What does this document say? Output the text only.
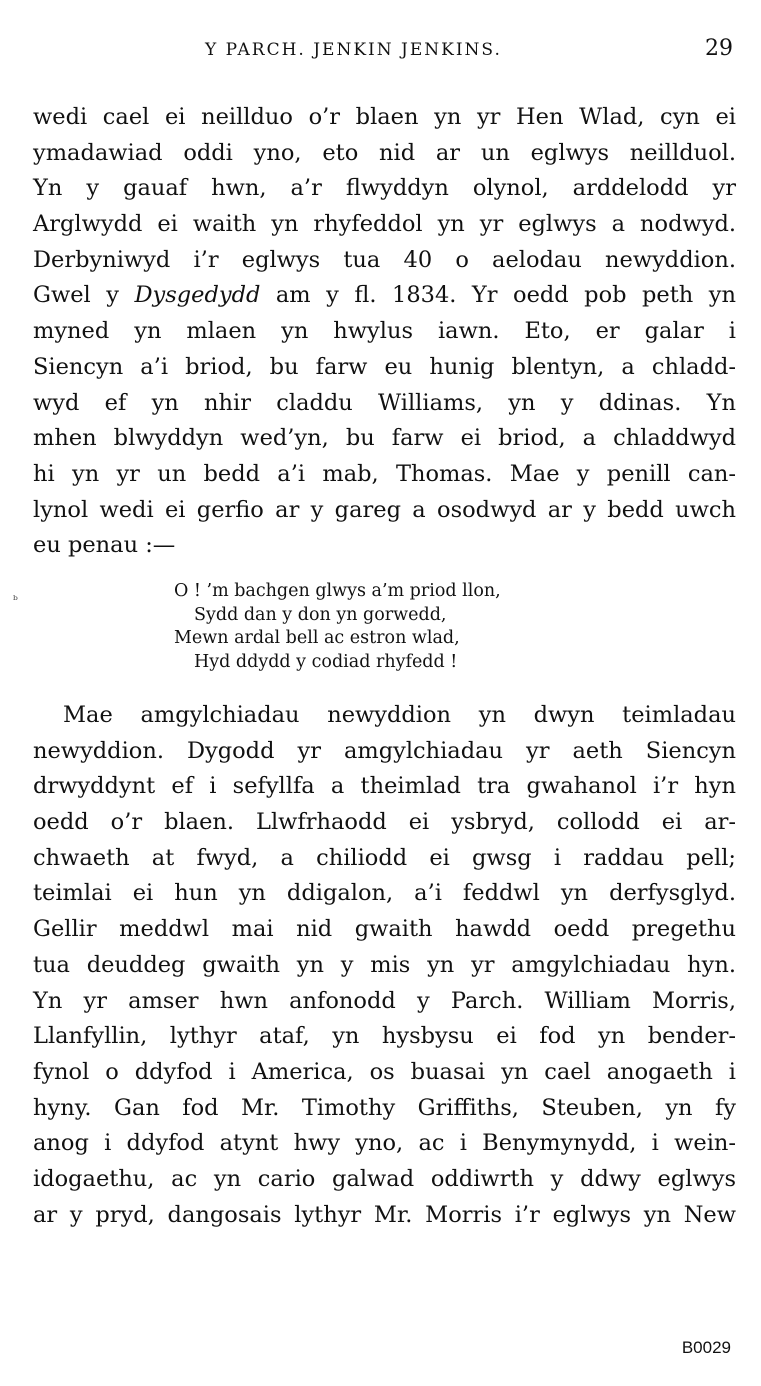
Y PARCH. JENKIN JENKINS.	29
wedi cael ei neillduo o’r blaen yn yr Hen Wlad, cyn ei
ymadawiad oddi yno, eto nid ar un eglwys neillduol.
Yn y gauaf hwn, a’r flwyddyn olynol, arddelodd yr
Arglwydd ei waith yn rhyfeddol yn yr eglwys a nodwyd.
Derbyniwyd i’r eglwys tua 40 o aelodau newyddion.
Gwel y Dysgedydd am y fl. 1834. Yr oedd pob peth yn
myned yn mlaen yn hwylus iawn. Eto, er galar i
Siencyn a’i briod, bu farw eu hunig blentyn, a chladd-
wyd ef yn nhir claddu Williams, yn y ddinas. Yn
mhen blwyddyn wed’yn, bu farw ei briod, a chladdwyd
hi yn yr un bedd a’i mab, Thomas. Mae y penill can-
lynol wedi ei gerfio ar y gareg a osodwyd ar y bedd uwch
eu penau :—
ᵇ	O ! ’m bachgen glwys a’m priod llon,
Sydd dan y don yn gorwedd,
Mewn ardal bell ac estron wlad,
Hyd ddydd y codiad rhyfedd !
Mae amgylchiadau newyddion yn dwyn teimladau
newyddion. Dygodd yr amgylchiadau yr aeth Siencyn
drwyddynt ef i sefyllfa a theimlad tra gwahanol i’r hyn
oedd o’r blaen. Llwfrhaodd ei ysbryd, collodd ei ar-
chwaeth at fwyd, a chiliodd ei gwsg i raddau pell;
teimlai ei hun yn ddigalon, a’i feddwl yn derfysglyd.
Gellir meddwl mai nid gwaith hawdd oedd pregethu
tua deuddeg gwaith yn y mis yn yr amgylchiadau hyn.
Yn yr amser hwn anfonodd y Parch. William Morris,
Llanfyllin, lythyr ataf, yn hysbysu ei fod yn bender-
fynol o ddyfod i America, os buasai yn cael anogaeth i
hyny. Gan fod Mr. Timothy Griffiths, Steuben, yn fy
anog i ddyfod atynt hwy yno, ac i Benymynydd, i wein-
idogaethu, ac yn cario galwad oddiwrth y ddwy eglwys
ar y pryd, dangosais lythyr Mr. Morris i’r eglwys yn New
B0029
